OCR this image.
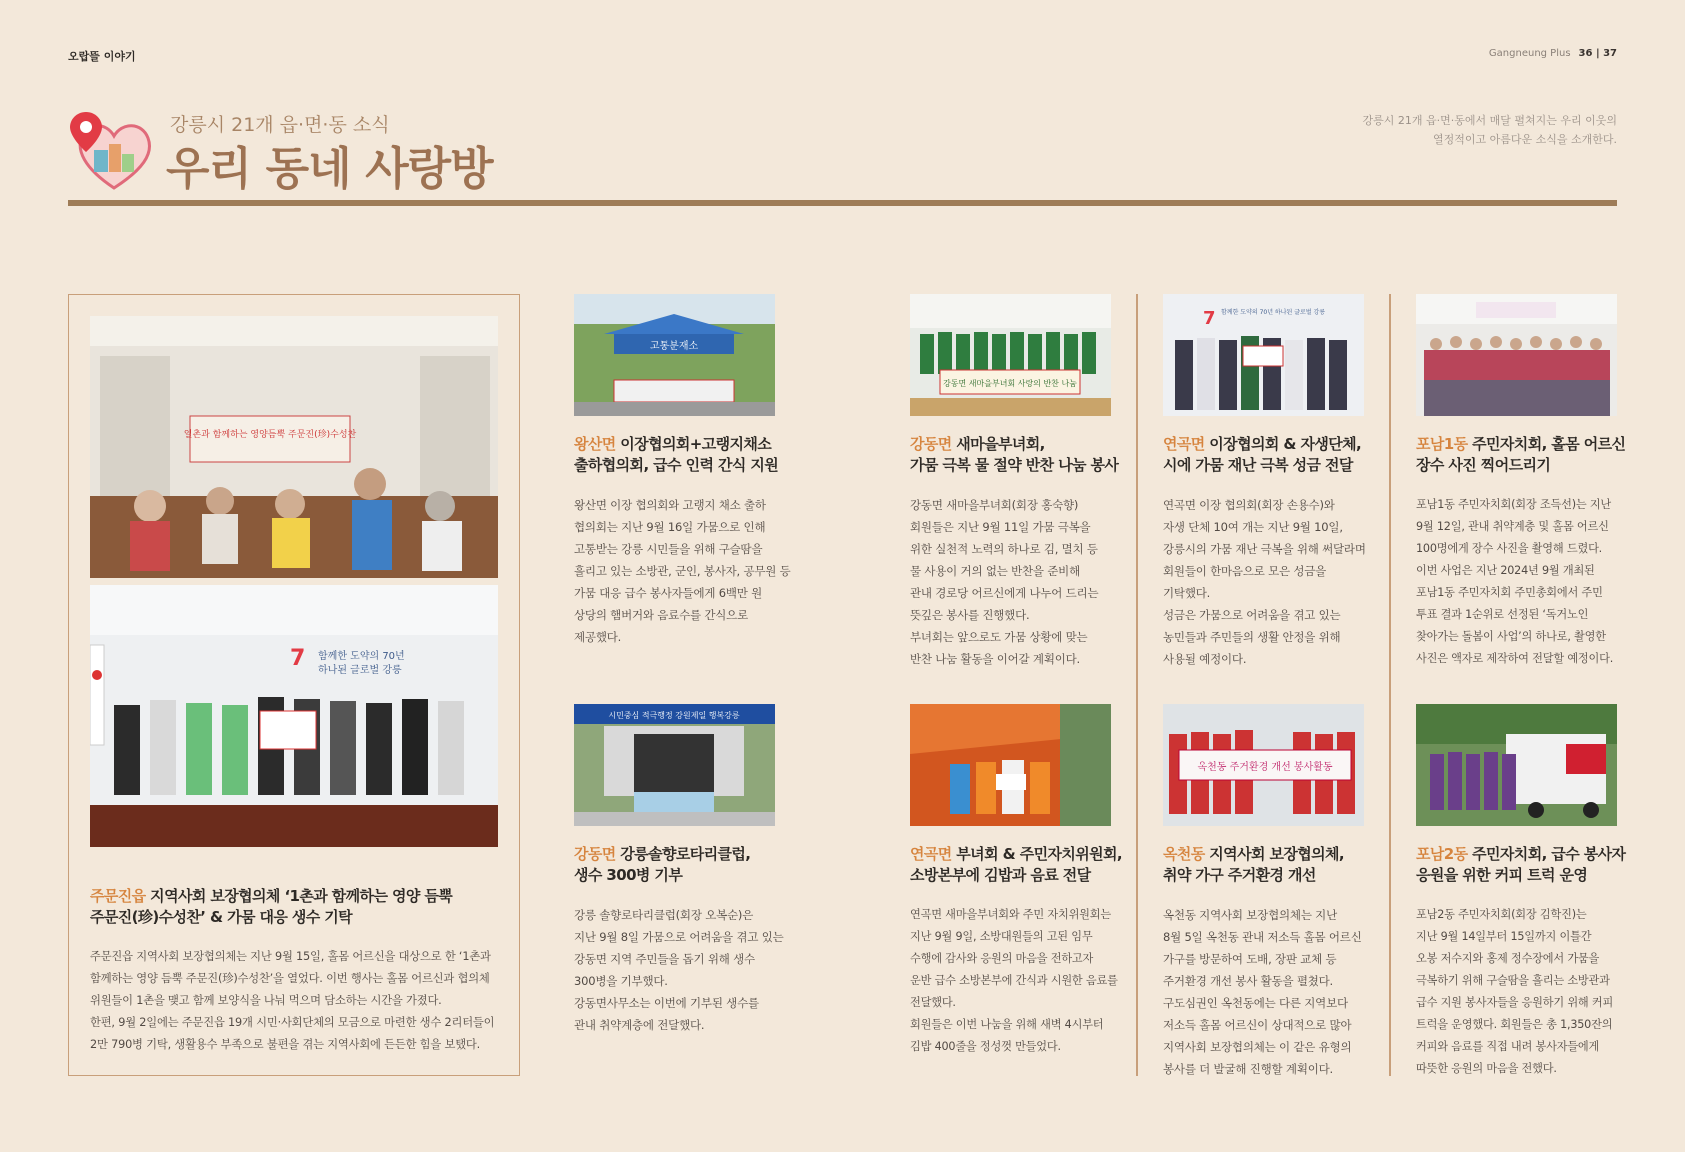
오랍뜰 이야기	Gangneung Plus 36 | 37
강릉시 21개 읍·면·동 소식
우리 동네 사랑방
강릉시 21개 읍·면·동에서 매달 펼쳐지는 우리 이웃의
열정적이고 아름다운 소식을 소개한다.
일촌과 함께하는 영양듬뿍 주문진(珍)수성찬
7 함께한 도약의 70년
하나된 글로벌 강릉
주문진읍 지역사회 보장협의체 ‘1촌과 함께하는 영양 듬뿍
주문진(珍)수성찬’ & 가뭄 대응 생수 기탁
주문진읍 지역사회 보장협의체는 지난 9월 15일, 홀몸 어르신을 대상으로 한 ‘1촌과
함께하는 영양 듬뿍 주문진(珍)수성찬’을 열었다. 이번 행사는 홀몸 어르신과 협의체
위원들이 1촌을 맺고 함께 보양식을 나눠 먹으며 담소하는 시간을 가졌다.
한편, 9월 2일에는 주문진읍 19개 시민·사회단체의 모금으로 마련한 생수 2리터들이
2만 790병 기탁, 생활용수 부족으로 불편을 겪는 지역사회에 든든한 힘을 보탰다.
고통분재소
왕산면 이장협의회+고랭지채소
출하협의회, 급수 인력 간식 지원
왕산면 이장 협의회와 고랭지 채소 출하
협의회는 지난 9월 16일 가뭄으로 인해
고통받는 강릉 시민들을 위해 구슬땀을
흘리고 있는 소방관, 군인, 봉사자, 공무원 등
가뭄 대응 급수 봉사자들에게 6백만 원
상당의 햄버거와 음료수를 간식으로
제공했다.
강동면 새마을부녀회 사랑의 반찬 나눔
강동면 새마을부녀회,
가뭄 극복 물 절약 반찬 나눔 봉사
강동면 새마을부녀회(회장 홍숙향)
회원들은 지난 9월 11일 가뭄 극복을
위한 실천적 노력의 하나로 김, 멸치 등
물 사용이 거의 없는 반찬을 준비해
관내 경로당 어르신에게 나누어 드리는
뜻깊은 봉사를 진행했다.
부녀회는 앞으로도 가뭄 상황에 맞는
반찬 나눔 활동을 이어갈 계획이다.
7 함께한 도약의 70년 하나된 글로벌 강릉
연곡면 이장협의회 & 자생단체,
시에 가뭄 재난 극복 성금 전달
연곡면 이장 협의회(회장 손용수)와
자생 단체 10여 개는 지난 9월 10일,
강릉시의 가뭄 재난 극복을 위해 써달라며
회원들이 한마음으로 모은 성금을
기탁했다.
성금은 가뭄으로 어려움을 겪고 있는
농민들과 주민들의 생활 안정을 위해
사용될 예정이다.
포남1동 주민자치회, 홀몸 어르신
장수 사진 찍어드리기
포남1동 주민자치회(회장 조득선)는 지난
9월 12일, 관내 취약계층 및 홀몸 어르신
100명에게 장수 사진을 촬영해 드렸다.
이번 사업은 지난 2024년 9월 개최된
포남1동 주민자치회 주민총회에서 주민
투표 결과 1순위로 선정된 ‘독거노인
찾아가는 돌봄이 사업’의 하나로, 촬영한
사진은 액자로 제작하여 전달할 예정이다.
시민중심 적극행정 강원제일 행복강릉
강동면 강릉솔향로타리클럽,
생수 300병 기부
강릉 솔향로타리클럽(회장 오복순)은
지난 9월 8일 가뭄으로 어려움을 겪고 있는
강동면 지역 주민들을 돕기 위해 생수
300병을 기부했다.
강동면사무소는 이번에 기부된 생수를
관내 취약계층에 전달했다.
연곡면 부녀회 & 주민자치위원회,
소방본부에 김밥과 음료 전달
연곡면 새마을부녀회와 주민 자치위원회는
지난 9월 9일, 소방대원들의 고된 임무
수행에 감사와 응원의 마음을 전하고자
운반 급수 소방본부에 간식과 시원한 음료를
전달했다.
회원들은 이번 나눔을 위해 새벽 4시부터
김밥 400줄을 정성껏 만들었다.
옥천동 주거환경 개선 봉사활동
옥천동 지역사회 보장협의체,
취약 가구 주거환경 개선
옥천동 지역사회 보장협의체는 지난
8월 5일 옥천동 관내 저소득 홀몸 어르신
가구를 방문하여 도배, 장판 교체 등
주거환경 개선 봉사 활동을 펼쳤다.
구도심권인 옥천동에는 다른 지역보다
저소득 홀몸 어르신이 상대적으로 많아
지역사회 보장협의체는 이 같은 유형의
봉사를 더 발굴해 진행할 계획이다.
포남2동 주민자치회, 급수 봉사자
응원을 위한 커피 트럭 운영
포남2동 주민자치회(회장 김학진)는
지난 9월 14일부터 15일까지 이틀간
오봉 저수지와 홍제 정수장에서 가뭄을
극복하기 위해 구슬땀을 흘리는 소방관과
급수 지원 봉사자들을 응원하기 위해 커피
트럭을 운영했다. 회원들은 총 1,350잔의
커피와 음료를 직접 내려 봉사자들에게
따뜻한 응원의 마음을 전했다.
